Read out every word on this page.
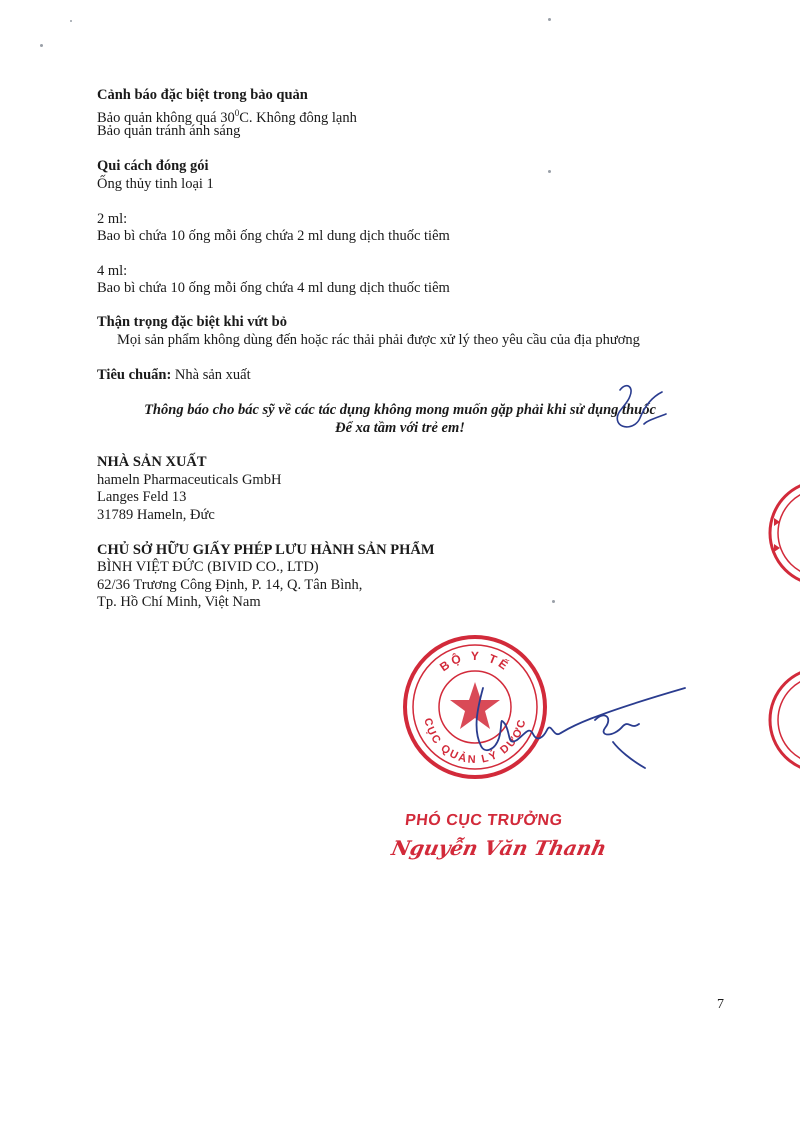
Cảnh báo đặc biệt trong bảo quản
Bảo quản không quá $30^0C$. Không đông lạnh
Bảo quản tránh ánh sáng
Qui cách đóng gói
Ống thủy tinh loại 1
2 ml:
Bao bì chứa 10 ống mỗi ống chứa 2 ml dung dịch thuốc tiêm
4 ml:
Bao bì chứa 10 ống mỗi ống chứa 4 ml dung dịch thuốc tiêm
Thận trọng đặc biệt khi vứt bỏ
Mọi sản phẩm không dùng đến hoặc rác thải phải được xử lý theo yêu cầu của địa phương
Tiêu chuẩn: Nhà sản xuất
Thông báo cho bác sỹ về các tác dụng không mong muốn gặp phải khi sử dụng thuốc
Để xa tầm với trẻ em!
NHÀ SẢN XUẤT
hameln Pharmaceuticals GmbH
Langes Feld 13
31789 Hameln, Đức
CHỦ SỞ HỮU GIẤY PHÉP LƯU HÀNH SẢN PHẨM
BÌNH VIỆT ĐỨC (BIVID CO., LTD)
62/36 Trương Công Định, P. 14, Q. Tân Bình,
Tp. Hồ Chí Minh, Việt Nam
BỘ Y TẾ
CỤC QUẢN LÝ DƯỢC
PHÓ CỤC TRƯỞNG
Nguyễn Văn Thanh
7
